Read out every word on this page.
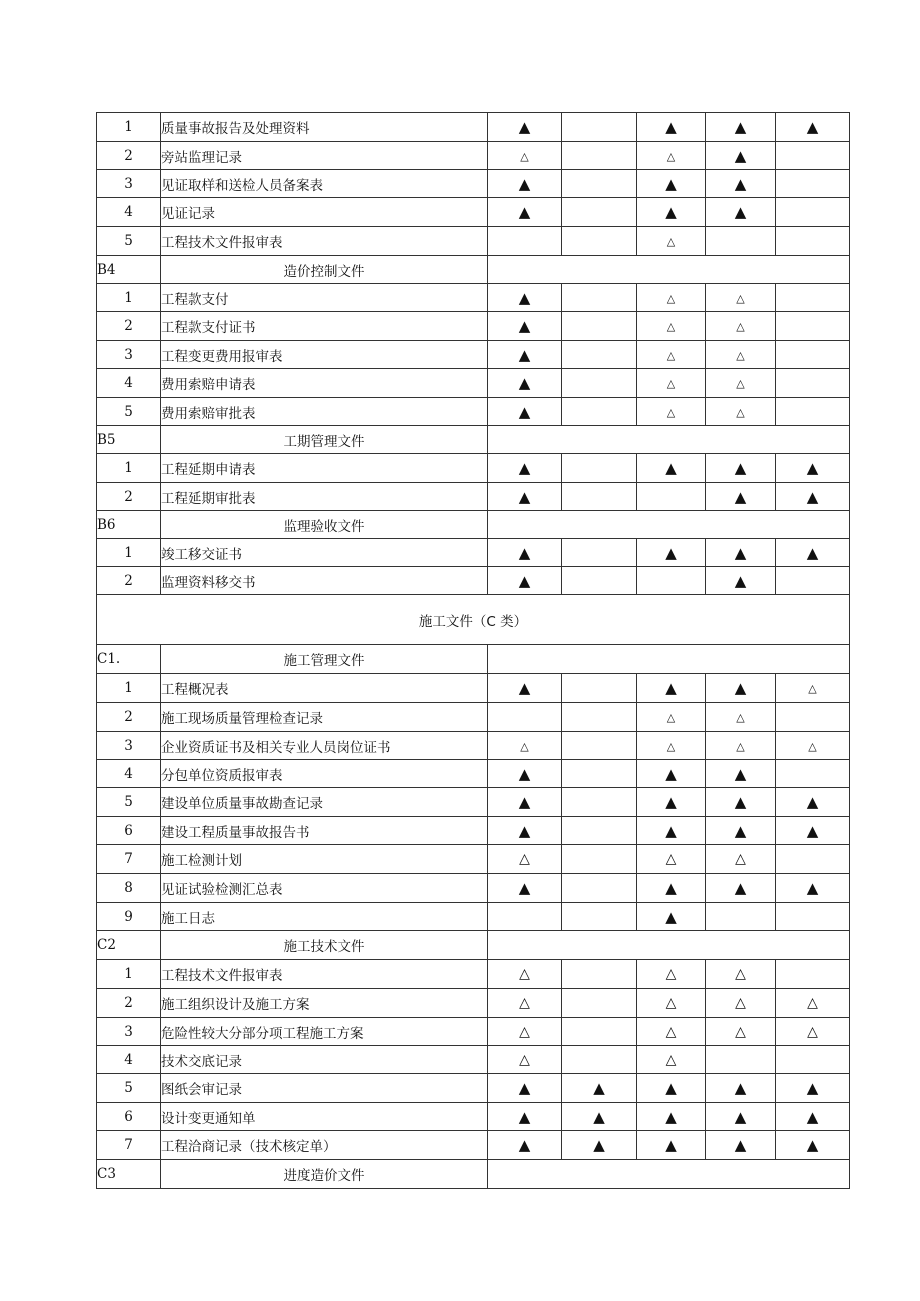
1	质量事故报告及处理资料	▲		▲	▲	▲
2	旁站监理记录	△		△	▲	
3	见证取样和送检人员备案表	▲		▲	▲	
4	见证记录	▲		▲	▲	
5	工程技术文件报审表			△		
B4	造价控制文件					
1	工程款支付	▲		△	△	
2	工程款支付证书	▲		△	△	
3	工程变更费用报审表	▲		△	△	
4	费用索赔申请表	▲		△	△	
5	费用索赔审批表	▲		△	△	
B5	工期管理文件					
1	工程延期申请表	▲		▲	▲	▲
2	工程延期审批表	▲			▲	▲
B6	监理验收文件					
1	竣工移交证书	▲		▲	▲	▲
2	监理资料移交书	▲			▲	
施工文件（C 类）						
C1.	施工管理文件					
1	工程概况表	▲		▲	▲	△
2	施工现场质量管理检查记录			△	△	
3	企业资质证书及相关专业人员岗位证书	△		△	△	△
4	分包单位资质报审表	▲		▲	▲	
5	建设单位质量事故勘查记录	▲		▲	▲	▲
6	建设工程质量事故报告书	▲		▲	▲	▲
7	施工检测计划	△		△	△	
8	见证试验检测汇总表	▲		▲	▲	▲
9	施工日志			▲		
C2	施工技术文件					
1	工程技术文件报审表	△		△	△	
2	施工组织设计及施工方案	△		△	△	△
3	危险性较大分部分项工程施工方案	△		△	△	△
4	技术交底记录	△		△		
5	图纸会审记录	▲	▲	▲	▲	▲
6	设计变更通知单	▲	▲	▲	▲	▲
7	工程洽商记录（技术核定单）	▲	▲	▲	▲	▲
C3	进度造价文件					
